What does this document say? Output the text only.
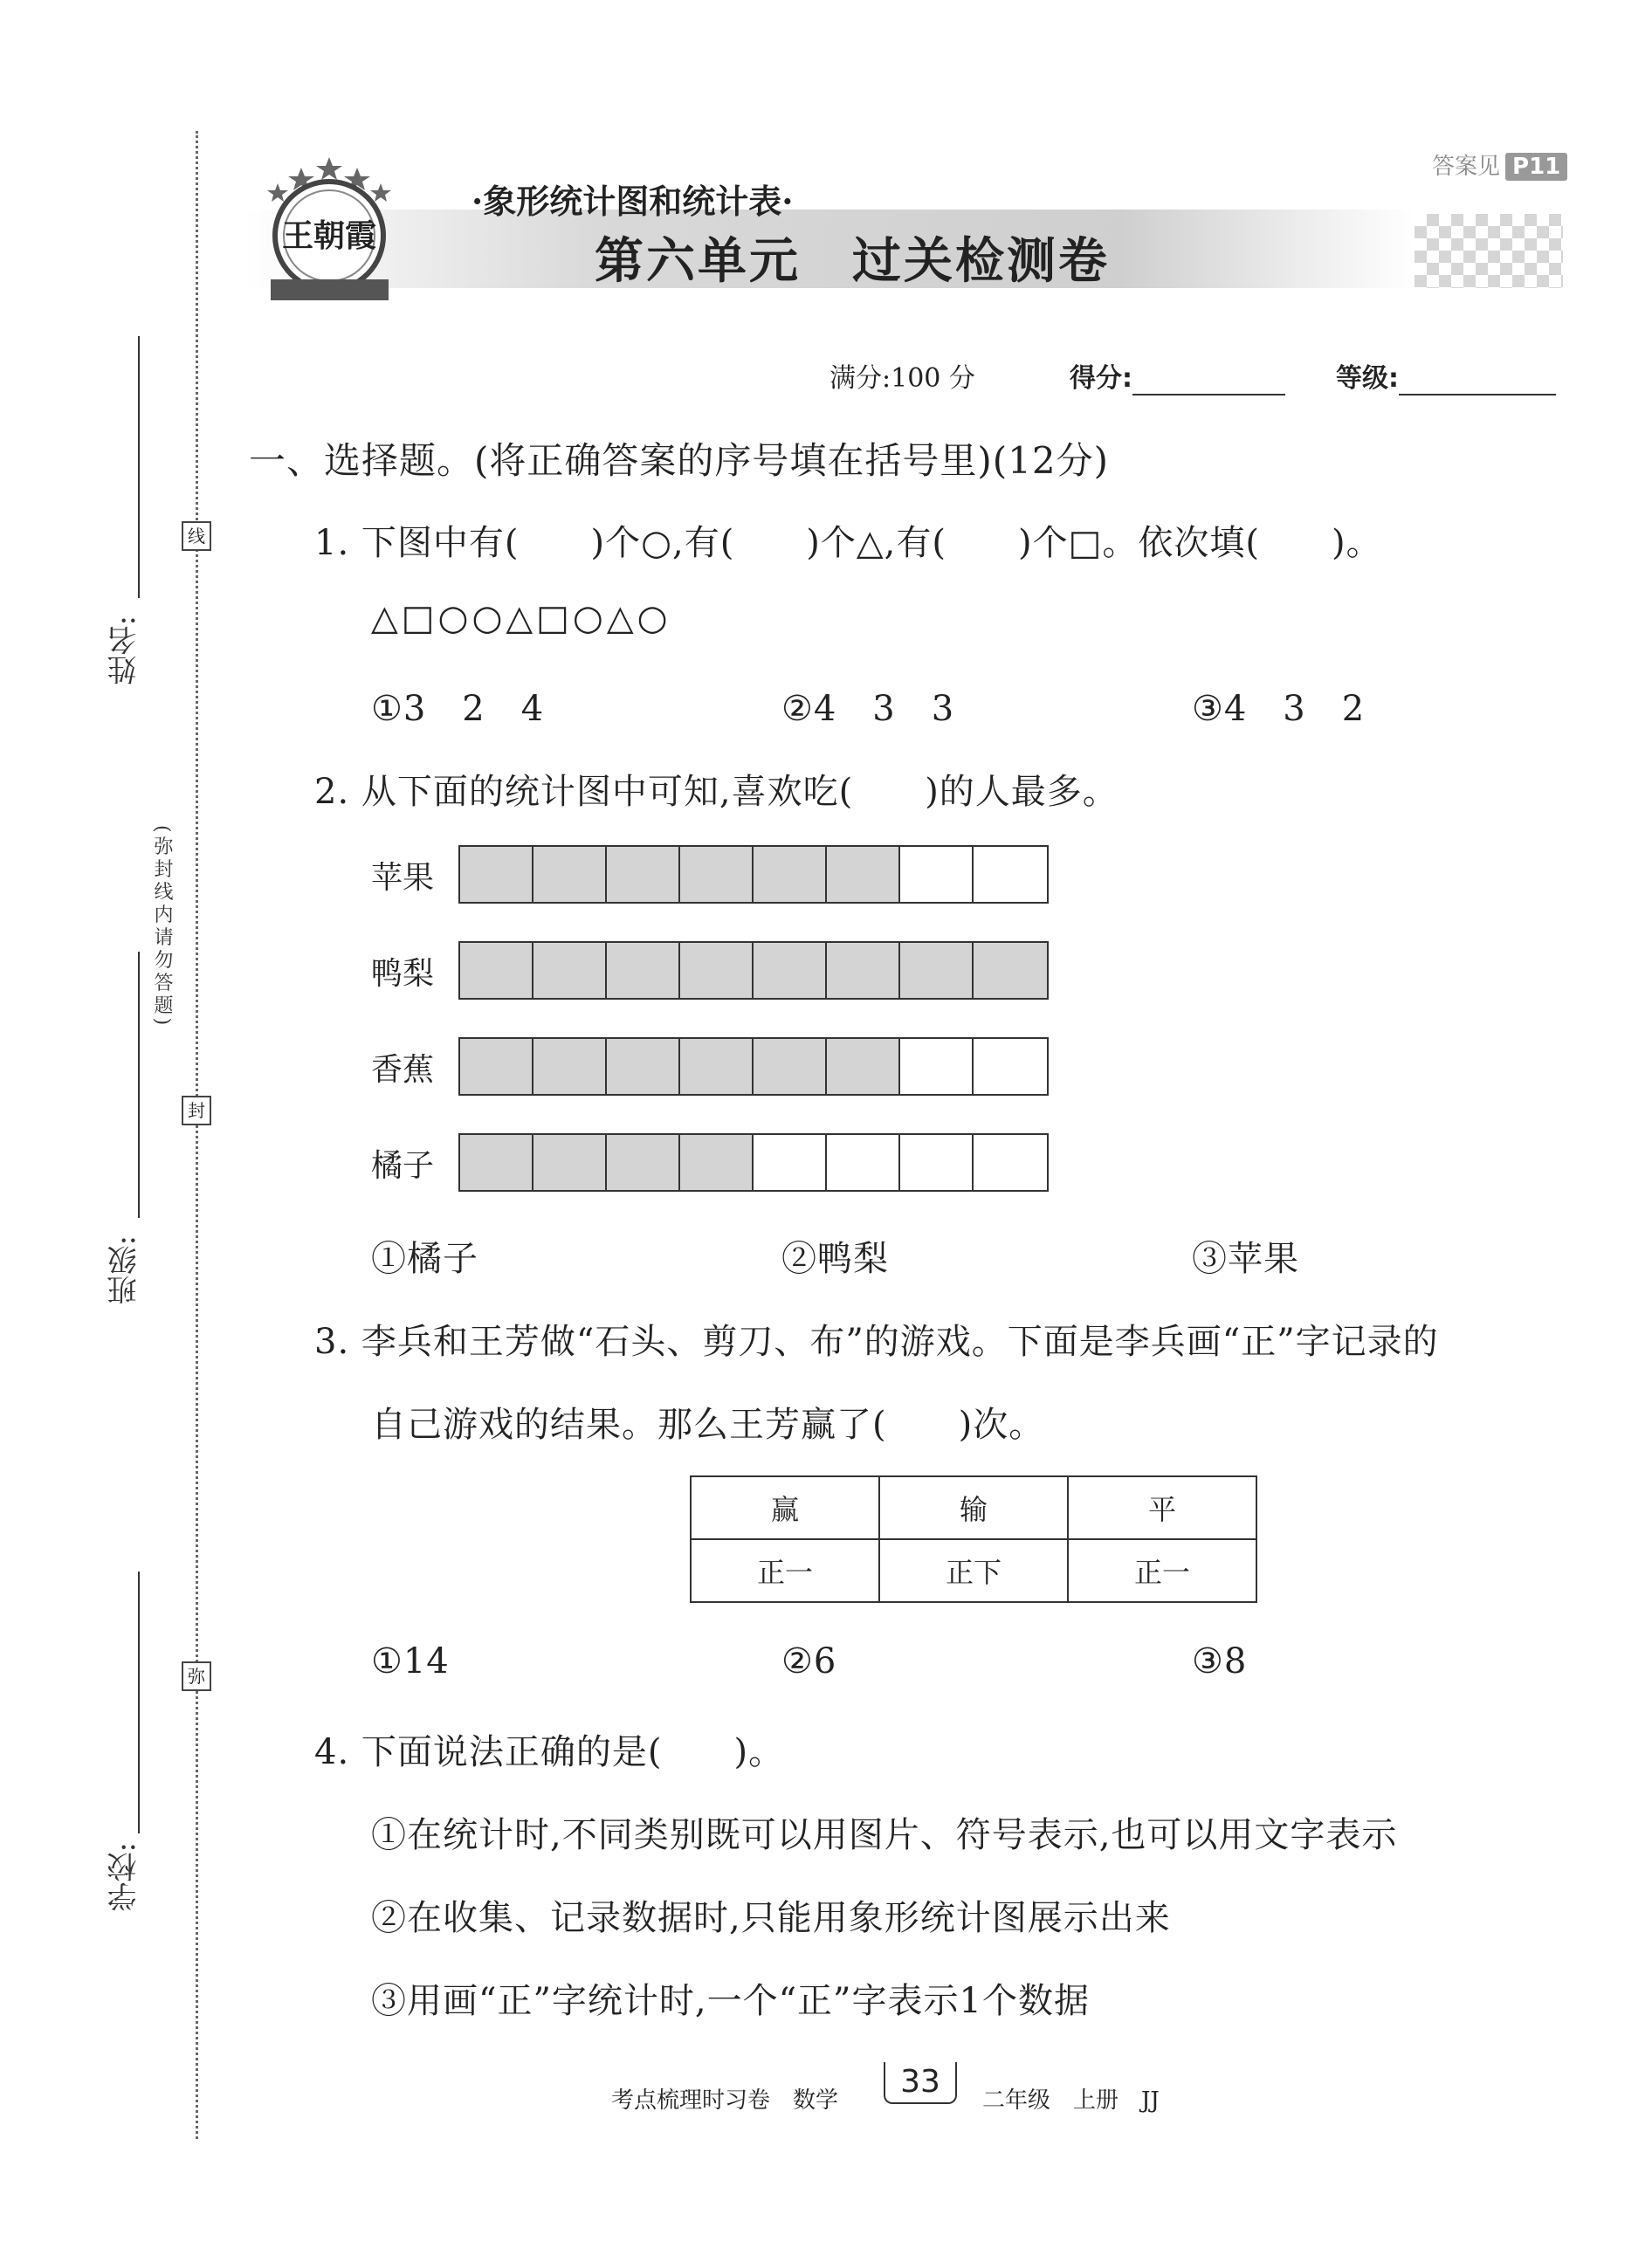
线
封
弥
(弥封线内请勿答题)
姓名:
班级:
学校:
王朝霞
·象形统计图和统计表·
第六单元　过关检测卷
答案见 P11
满分:100 分	得分:	等级:
一、选择题。(将正确答案的序号填在括号里)(12分)
1. 下图中有(　　)个○,有(　　)个△,有(　　)个□。依次填(　　)。
△□○○△□○△○
①3　2　4	②4　3　3	③4　3　2
2. 从下面的统计图中可知,喜欢吃(　　)的人最多。
苹果
鸭梨
香蕉
橘子
①橘子	②鸭梨	③苹果
3. 李兵和王芳做“石头、剪刀、布”的游戏。下面是李兵画“正”字记录的
自己游戏的结果。那么王芳赢了(　　)次。
赢	输	平
正一	正下	正一
①14	②6	③8
4. 下面说法正确的是(　　)。
①在统计时,不同类别既可以用图片、符号表示,也可以用文字表示
②在收集、记录数据时,只能用象形统计图展示出来
③用画“正”字统计时,一个“正”字表示1个数据
考点梳理时习卷　数学
33
二年级　上册　JJ
